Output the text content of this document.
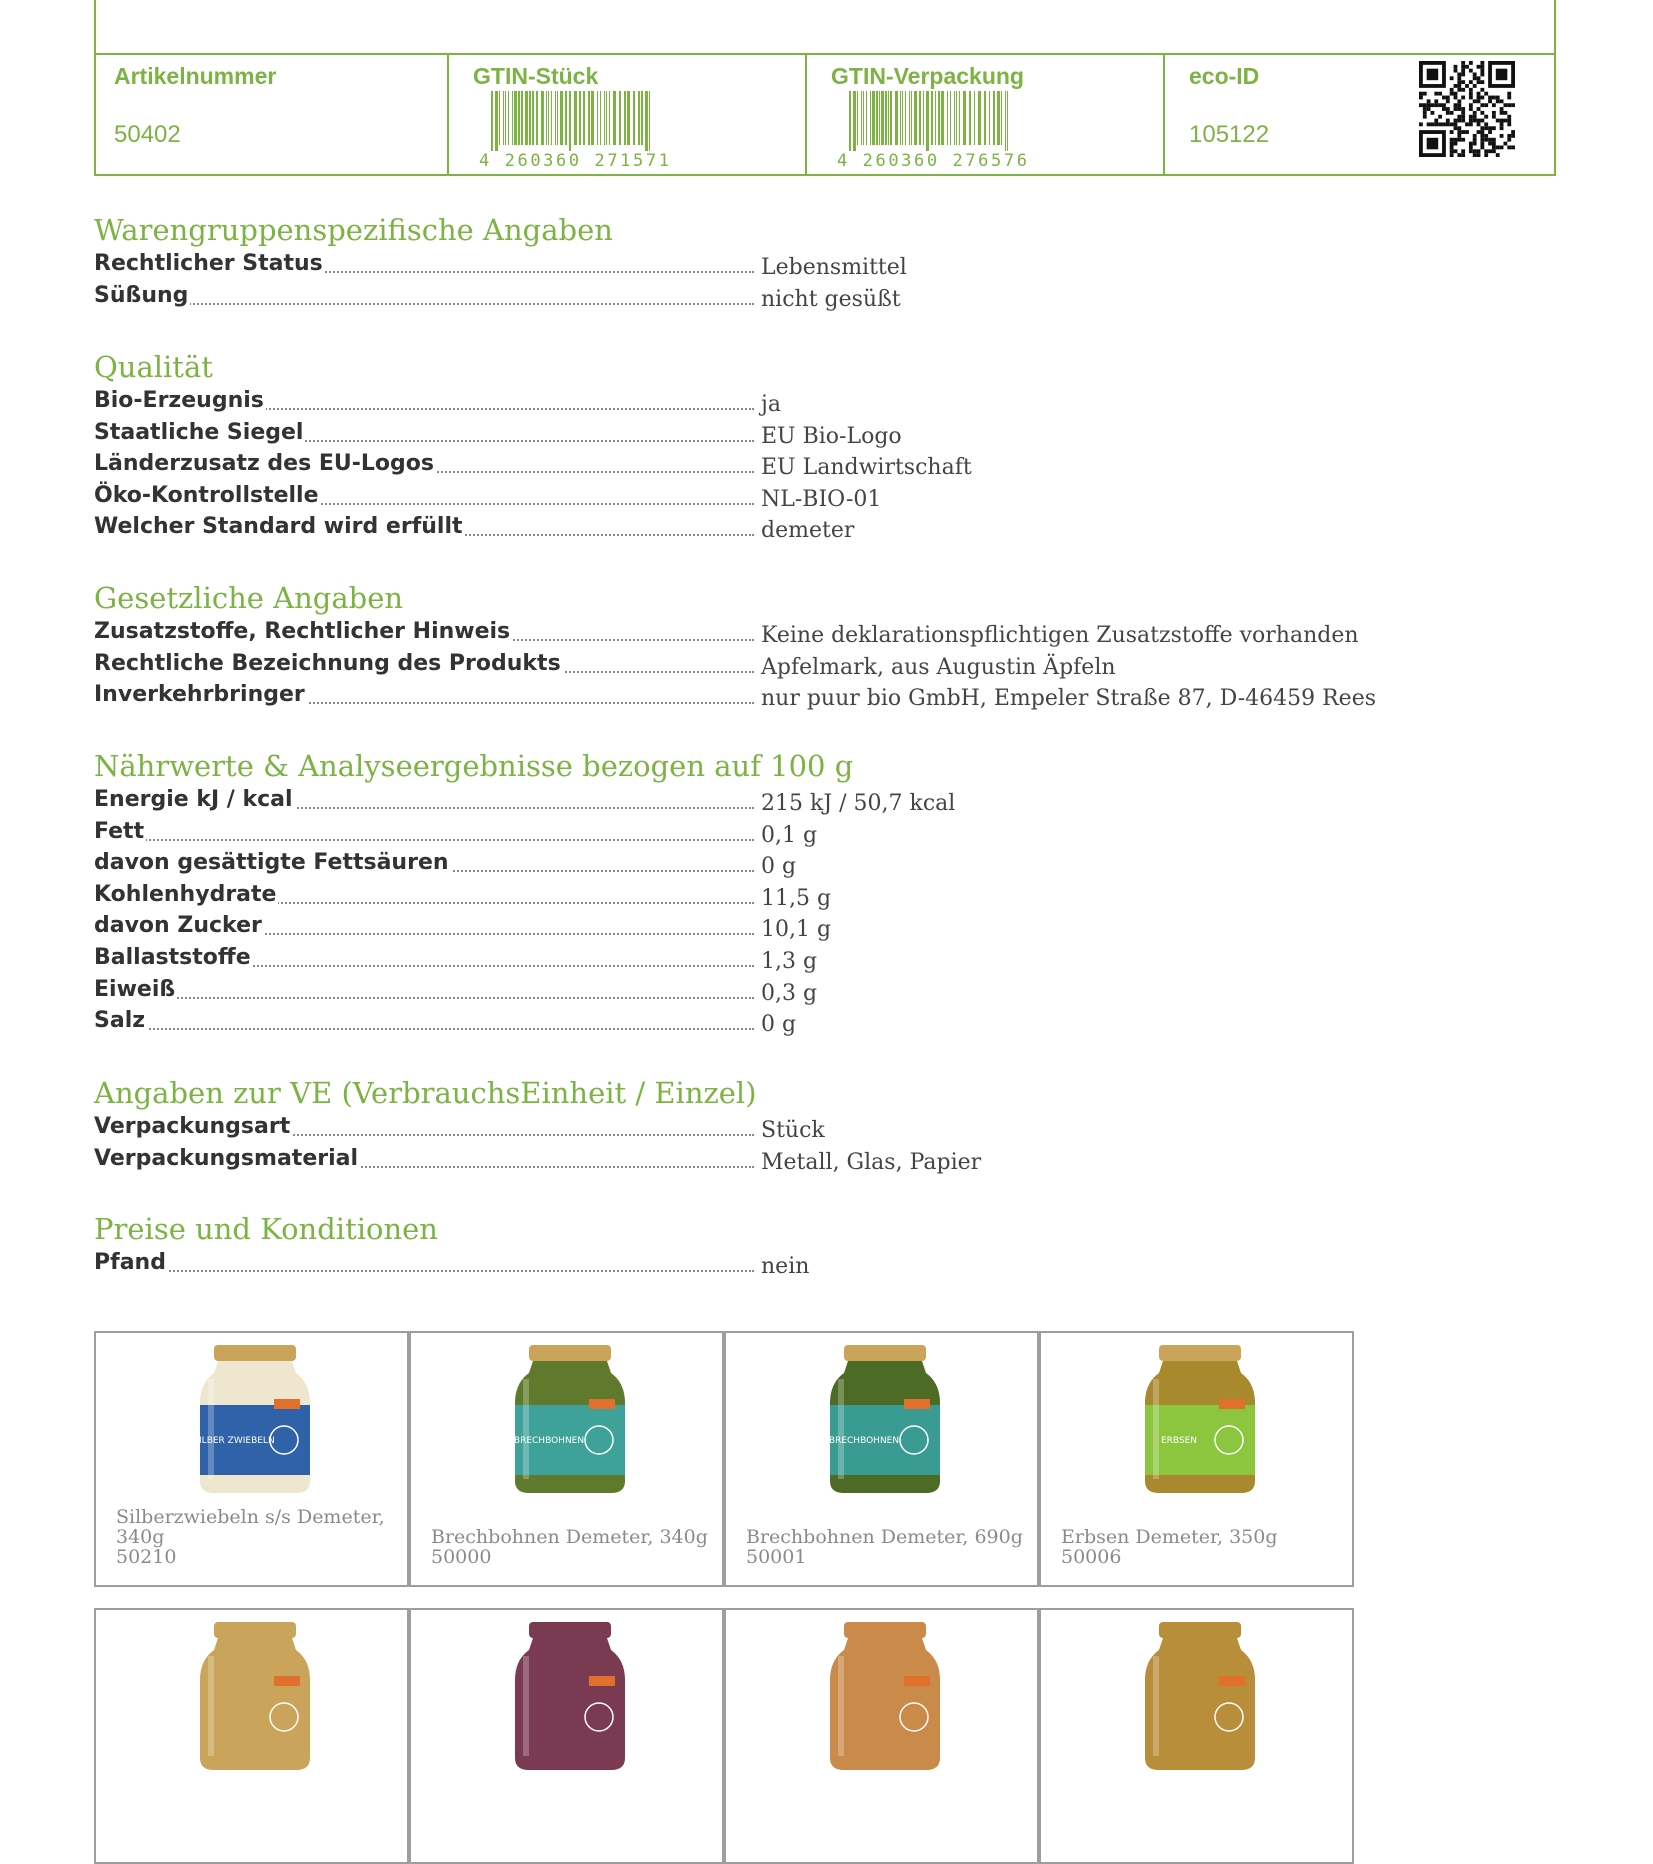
Artikelnummer
50402
GTIN-Stück
4 260360 271571
GTIN-Verpackung
4 260360 276576
eco-ID
105122
Warengruppenspezifische Angaben
Rechtlicher Status	Lebensmittel
Süßung	nicht gesüßt
Qualität
Bio-Erzeugnis	ja
Staatliche Siegel	EU Bio-Logo
Länderzusatz des EU-Logos	EU Landwirtschaft
Öko-Kontrollstelle	NL-BIO-01
Welcher Standard wird erfüllt	demeter
Gesetzliche Angaben
Zusatzstoffe, Rechtlicher Hinweis	Keine deklarationspflichtigen Zusatzstoffe vorhanden
Rechtliche Bezeichnung des Produkts	Apfelmark, aus Augustin Äpfeln
Inverkehrbringer	nur puur bio GmbH, Empeler Straße 87, D-46459 Rees
Nährwerte & Analyseergebnisse bezogen auf 100 g
Energie kJ / kcal	215 kJ / 50,7 kcal
Fett	0,1 g
davon gesättigte Fettsäuren	0 g
Kohlenhydrate	11,5 g
davon Zucker	10,1 g
Ballaststoffe	1,3 g
Eiweiß	0,3 g
Salz	0 g
Angaben zur VE (VerbrauchsEinheit / Einzel)
Verpackungsart	Stück
Verpackungsmaterial	Metall, Glas, Papier
Preise und Konditionen
Pfand	nein
SILBER ZWIEBELN
Silberzwiebeln s/s Demeter, 340g
50210
BRECHBOHNEN
Brechbohnen Demeter, 340g
50000
BRECHBOHNEN
Brechbohnen Demeter, 690g
50001
ERBSEN
Erbsen Demeter, 350g
50006
